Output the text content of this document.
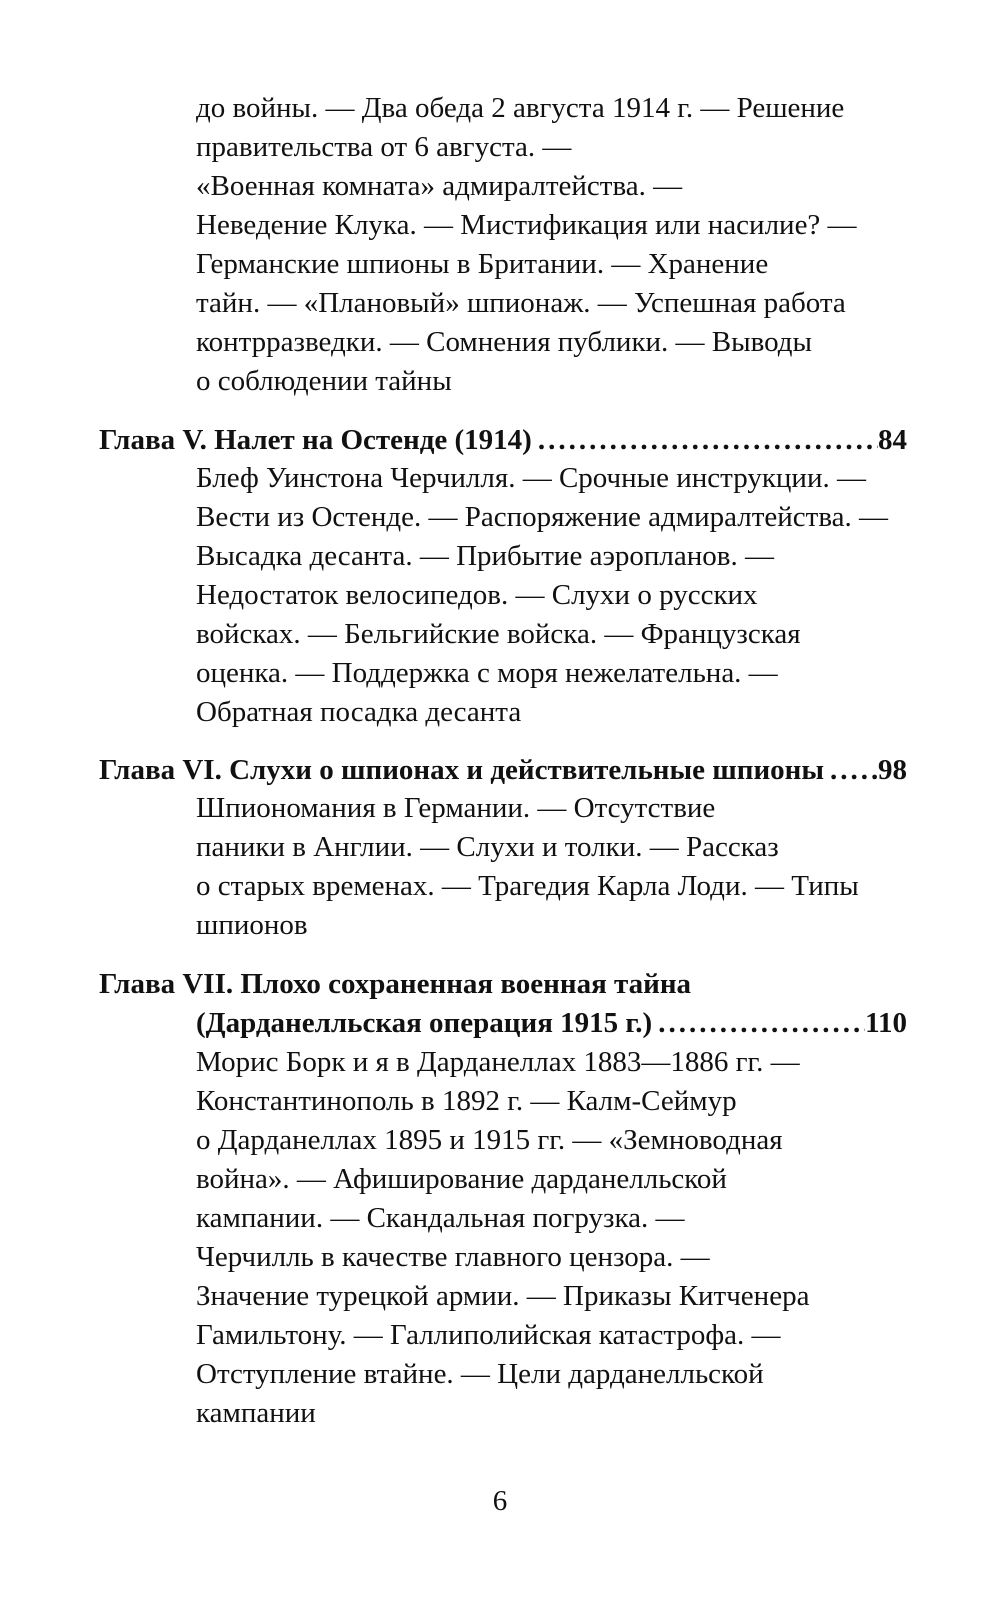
до войны. — Два обеда 2 августа 1914 г. — Решение
правительства от 6 августа. —
«Военная комната» адмиралтейства. —
Неведение Клука. — Мистификация или насилие? —
Германские шпионы в Британии. — Хранение
тайн. — «Плановый» шпионаж. — Успешная работа
контрразведки. — Сомнения публики. — Выводы
о соблюдении тайны
Глава V. Налет на Остенде (1914) .....	84
Блеф Уинстона Черчилля. — Срочные инструкции. —
Вести из Остенде. — Распоряжение адмиралтейства. —
Высадка десанта. — Прибытие аэропланов. —
Недостаток велосипедов. — Слухи о русских
войсках. — Бельгийские войска. — Французская
оценка. — Поддержка с моря нежелательна. —
Обратная посадка десанта
Глава VI. Слухи о шпионах и действительные шпионы ..... 98
Шпиономания в Германии. — Отсутствие
паники в Англии. — Слухи и толки. — Рассказ
о старых временах. — Трагедия Карла Лоди. — Типы
шпионов
Глава VII. Плохо сохраненная военная тайна
(Дарданелльская операция 1915 г.) .....	110
Морис Борк и я в Дарданеллах 1883—1886 гг. —
Константинополь в 1892 г. — Калм-Сеймур
о Дарданеллах 1895 и 1915 гг. — «Земноводная
война». — Афиширование дарданелльской
кампании. — Скандальная погрузка. —
Черчилль в качестве главного цензора. —
Значение турецкой армии. — Приказы Китченера
Гамильтону. — Галлиполийская катастрофа. —
Отступление втайне. — Цели дарданелльской
кампании
6
